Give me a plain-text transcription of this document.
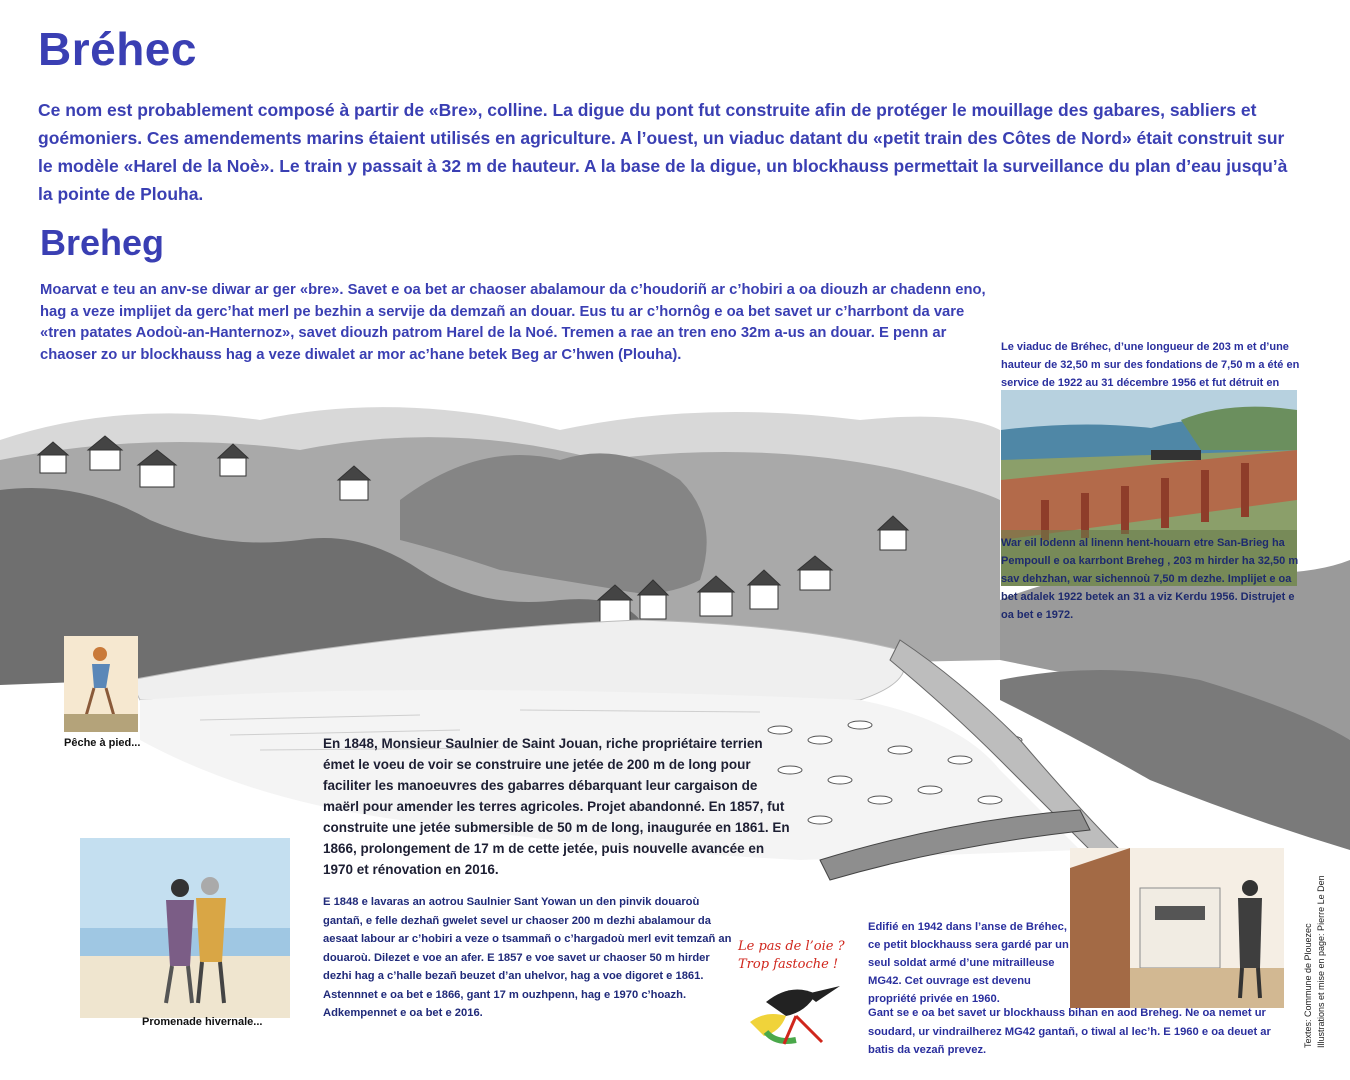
Bréhec
Ce nom est probablement composé à partir de «Bre», colline. La digue du pont fut construite afin de protéger le mouillage des gabares, sabliers et goémoniers. Ces amendements marins étaient utilisés en agriculture. A l’ouest, un viaduc datant du «petit train des Côtes de Nord» était construit sur le modèle «Harel de la Noè». Le train y passait à 32 m de hauteur. A la base de la digue, un blockhauss permettait la surveillance du plan d’eau jusqu’à la pointe de Plouha.
Breheg
Moarvat e teu an anv-se diwar ar ger «bre». Savet e oa bet ar chaoser abalamour da c’houdoriñ ar c’hobiri a oa diouzh ar chadenn eno, hag a veze implijet da gerc’hat merl pe bezhin a servije da demzañ an douar. Eus tu ar c’hornôg e oa bet savet ur c’harrbont da vare «tren patates Aodoù-an-Hanternoz», savet diouzh patrom Harel de la Noé. Tremen a rae an tren eno 32m a-us an douar. E penn ar chaoser zo ur blockhauss hag a veze diwalet ar mor ac’hane betek Beg ar C’hwen (Plouha).	Le viaduc de Bréhec, d’une longueur de 203 m et d’une hauteur de 32,50 m sur des fondations de 7,50 m a été en service de 1922 au 31 décembre 1956 et fut détruit en
War eil lodenn al linenn hent-houarn etre San-Brieg ha Pempoull e oa karrbont Breheg , 203 m hirder ha 32,50 m sav dehzhan, war sichennoù 7,50 m dezhe. Implijet e oa bet adalek 1922 betek an 31 a viz Kerdu 1956. Distrujet e oa bet e 1972.
Pêche à pied...	En 1848, Monsieur Saulnier de Saint Jouan, riche propriétaire terrien émet le voeu de voir se construire une jetée de 200 m de long pour faciliter les manoeuvres des gabarres débarquant leur cargaison de maërl pour amender les terres agricoles. Projet abandonné. En 1857, fut construite une jetée submersible de 50 m de long, inaugurée en 1861. En 1866, prolongement de 17 m de cette jetée, puis nouvelle avancée en 1970 et rénovation en 2016.
E 1848 e lavaras an aotrou Saulnier Sant Yowan un den pinvik douaroù gantañ, e felle dezhañ gwelet sevel ur chaoser 200 m dezhi abalamour da aesaat labour ar c’hobiri a veze o tsammañ o c’hargadoù merl evit temzañ an douaroù. Dilezet e voe an afer. E 1857 e voe savet ur chaoser 50 m hirder dezhi hag a c’halle bezañ beuzet d’an uhelvor, hag a voe digoret e 1861. Astennnet e oa bet e 1866, gant 17 m ouzhpenn, hag e 1970 c’hoazh. Adkempennet e oa bet e 2016.
Promenade hivernale...
Le pas de l’oie ?
Trop fastoche !
Edifié en 1942 dans l’anse de Bréhec, ce petit blockhauss sera gardé par un seul soldat armé d’une mitrailleuse MG42. Cet ouvrage est devenu propriété privée en 1960.
Gant se e oa bet savet ur blockhauss bihan en aod Breheg. Ne oa nemet ur soudard, ur vindrailherez MG42 gantañ, o tiwal al lec’h. E 1960 e oa deuet ar batis da vezañ prevez.
Textes: Commune de Plouezec Illustrations et mise en page: Pierre Le Den
